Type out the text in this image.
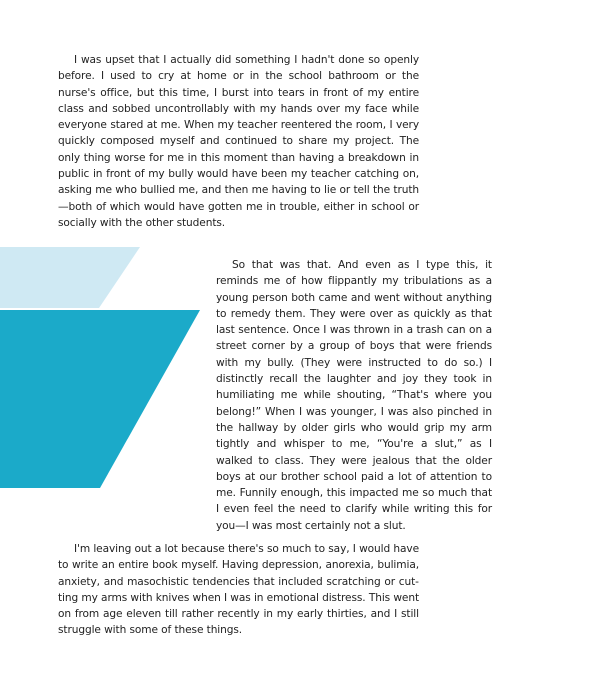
I was upset that I actually did something I hadn't done so openly before. I used to cry at home or in the school bathroom or the nurse's office, but this time, I burst into tears in front of my entire class and sobbed uncontrollably with my hands over my face while everyone stared at me. When my teacher reentered the room, I very quickly composed myself and continued to share my project. The only thing worse for me in this moment than having a breakdown in public in front of my bully would have been my teacher catching on, asking me who bullied me, and then me having to lie or tell the truth—both of which would have gotten me in trouble, either in school or socially with the other students.

So that was that. And even as I type this, it reminds me of how flippantly my tribulations as a young person both came and went without anything to remedy them. They were over as quickly as that last sentence. Once I was thrown in a trash can on a street corner by a group of boys that were friends with my bully. (They were instructed to do so.) I distinctly recall the laughter and joy they took in humiliating me while shouting, “That's where you belong!” When I was younger, I was also pinched in the hallway by older girls who would grip my arm tightly and whisper to me, “You're a slut,” as I walked to class. They were jealous that the older boys at our brother school paid a lot of attention to me. Funnily enough, this impacted me so much that I even feel the need to clarify while writing this for you—I was most certainly not a slut.

I'm leaving out a lot because there's so much to say, I would have to write an entire book myself. Having depression, anorexia, bulimia, anxiety, and masochistic tendencies that included scratching or cutting my arms with knives when I was in emotional distress. This went on from age eleven till rather recently in my early thirties, and I still struggle with some of these things.
